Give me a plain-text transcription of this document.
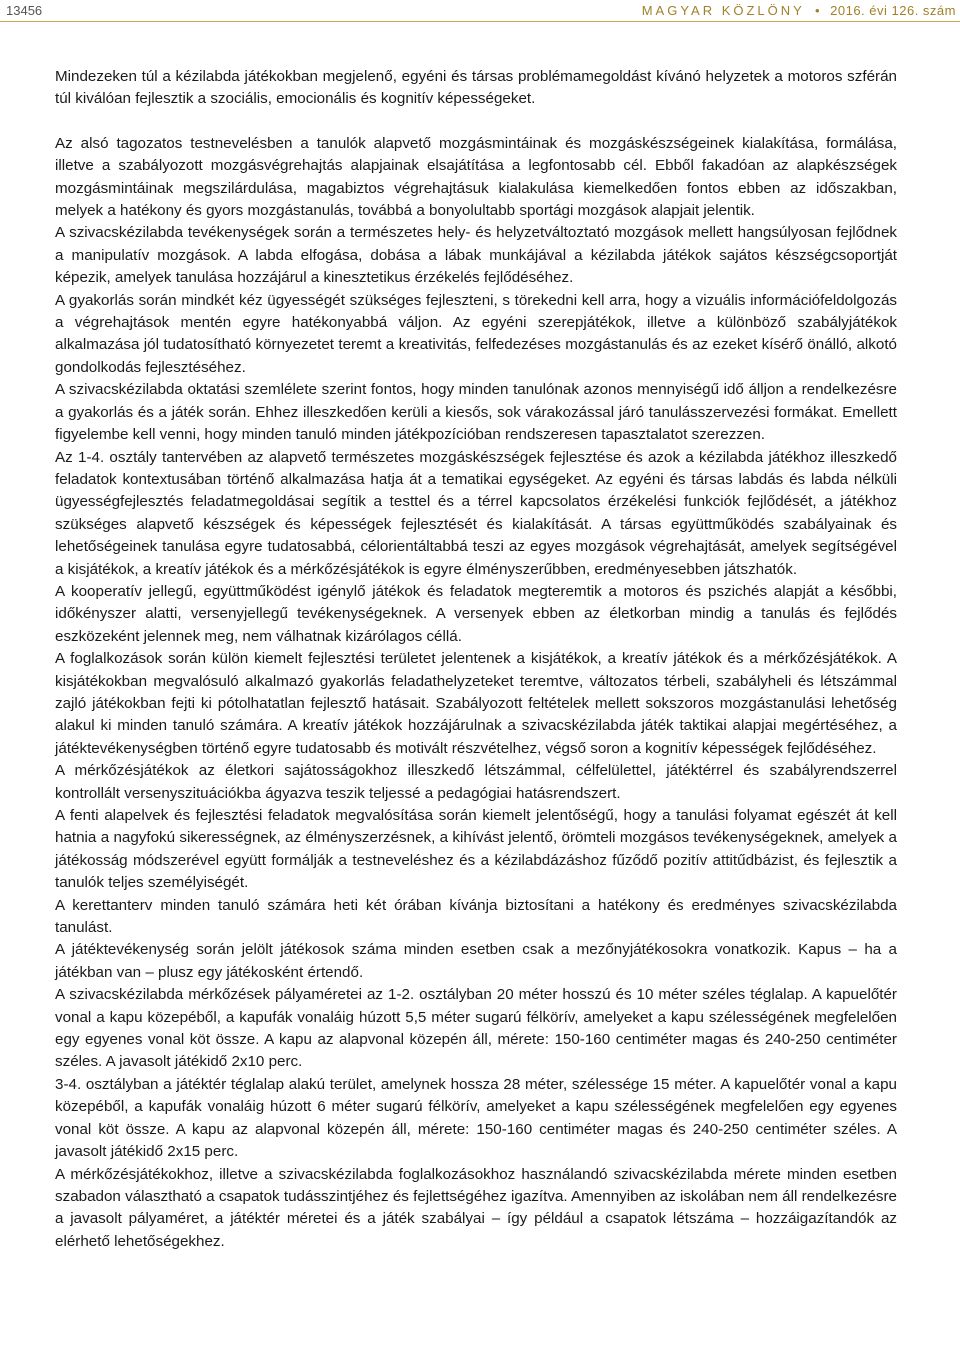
13456	MAGYAR KÖZLÖNY • 2016. évi 126. szám

Mindezeken túl a kézilabda játékokban megjelenő, egyéni és társas problémamegoldást kívánó helyzetek a motoros szférán túl kiválóan fejlesztik a szociális, emocionális és kognitív képességeket.

Az alsó tagozatos testnevelésben a tanulók alapvető mozgásmintáinak és mozgáskészségeinek kialakítása, formálása, illetve a szabályozott mozgásvégrehajtás alapjainak elsajátítása a legfontosabb cél. Ebből fakadóan az alapkészségek mozgásmintáinak megszilárdulása, magabiztos végrehajtásuk kialakulása kiemelkedően fontos ebben az időszakban, melyek a hatékony és gyors mozgástanulás, továbbá a bonyolultabb sportági mozgások alapjait jelentik.

A szivacskézilabda tevékenységek során a természetes hely- és helyzetváltoztató mozgások mellett hangsúlyosan fejlődnek a manipulatív mozgások. A labda elfogása, dobása a lábak munkájával a kézilabda játékok sajátos készségcsoportját képezik, amelyek tanulása hozzájárul a kinesztetikus érzékelés fejlődéséhez.

A gyakorlás során mindkét kéz ügyességét szükséges fejleszteni, s törekedni kell arra, hogy a vizuális információfeldolgozás a végrehajtások mentén egyre hatékonyabbá váljon. Az egyéni szerepjátékok, illetve a különböző szabályjátékok alkalmazása jól tudatosítható környezetet teremt a kreativitás, felfedezéses mozgástanulás és az ezeket kísérő önálló, alkotó gondolkodás fejlesztéséhez.

A szivacskézilabda oktatási szemlélete szerint fontos, hogy minden tanulónak azonos mennyiségű idő álljon a rendelkezésre a gyakorlás és a játék során. Ehhez illeszkedően kerüli a kiesős, sok várakozással járó tanulásszervezési formákat. Emellett figyelembe kell venni, hogy minden tanuló minden játékpozícióban rendszeresen tapasztalatot szerezzen.

Az 1-4. osztály tantervében az alapvető természetes mozgáskészségek fejlesztése és azok a kézilabda játékhoz illeszkedő feladatok kontextusában történő alkalmazása hatja át a tematikai egységeket. Az egyéni és társas labdás és labda nélküli ügyességfejlesztés feladatmegoldásai segítik a testtel és a térrel kapcsolatos érzékelési funkciók fejlődését, a játékhoz szükséges alapvető készségek és képességek fejlesztését és kialakítását. A társas együttműködés szabályainak és lehetőségeinek tanulása egyre tudatosabbá, célorientáltabbá teszi az egyes mozgások végrehajtását, amelyek segítségével a kisjátékok, a kreatív játékok és a mérkőzésjátékok is egyre élményszerűbben, eredményesebben játszhatók.

A kooperatív jellegű, együttműködést igénylő játékok és feladatok megteremtik a motoros és pszichés alapját a későbbi, időkényszer alatti, versenyjellegű tevékenységeknek. A versenyek ebben az életkorban mindig a tanulás és fejlődés eszközeként jelennek meg, nem válhatnak kizárólagos céllá.

A foglalkozások során külön kiemelt fejlesztési területet jelentenek a kisjátékok, a kreatív játékok és a mérkőzésjátékok. A kisjátékokban megvalósuló alkalmazó gyakorlás feladathelyzeteket teremtve, változatos térbeli, szabályheli és létszámmal zajló játékokban fejti ki pótolhatatlan fejlesztő hatásait. Szabályozott feltételek mellett sokszoros mozgástanulási lehetőség alakul ki minden tanuló számára. A kreatív játékok hozzájárulnak a szivacskézilabda játék taktikai alapjai megértéséhez, a játéktevékenységben történő egyre tudatosabb és motivált részvételhez, végső soron a kognitív képességek fejlődéséhez.

A mérkőzésjátékok az életkori sajátosságokhoz illeszkedő létszámmal, célfelülettel, játéktérrel és szabályrendszerrel kontrollált versenyszituációkba ágyazva teszik teljessé a pedagógiai hatásrendszert.

A fenti alapelvek és fejlesztési feladatok megvalósítása során kiemelt jelentőségű, hogy a tanulási folyamat egészét át kell hatnia a nagyfokú sikerességnek, az élményszerzésnek, a kihívást jelentő, örömteli mozgásos tevékenységeknek, amelyek a játékosság módszerével együtt formálják a testneveléshez és a kézilabdázáshoz fűződő pozitív attitűdbázist, és fejlesztik a tanulók teljes személyiségét.

A kerettanterv minden tanuló számára heti két órában kívánja biztosítani a hatékony és eredményes szivacskézilabda tanulást.

A játéktevékenység során jelölt játékosok száma minden esetben csak a mezőnyjátékosokra vonatkozik. Kapus – ha a játékban van – plusz egy játékosként értendő.

A szivacskézilabda mérkőzések pályaméretei az 1-2. osztályban 20 méter hosszú és 10 méter széles téglalap. A kapuelőtér vonal a kapu közepéből, a kapufák vonaláig húzott 5,5 méter sugarú félkörív, amelyeket a kapu szélességének megfelelően egy egyenes vonal köt össze. A kapu az alapvonal közepén áll, mérete: 150-160 centiméter magas és 240-250 centiméter széles. A javasolt játékidő 2x10 perc.

3-4. osztályban a játéktér téglalap alakú terület, amelynek hossza 28 méter, szélessége 15 méter. A kapuelőtér vonal a kapu közepéből, a kapufák vonaláig húzott 6 méter sugarú félkörív, amelyeket a kapu szélességének megfelelően egy egyenes vonal köt össze. A kapu az alapvonal közepén áll, mérete: 150-160 centiméter magas és 240-250 centiméter széles. A javasolt játékidő 2x15 perc.

A mérkőzésjátékokhoz, illetve a szivacskézilabda foglalkozásokhoz használandó szivacskézilabda mérete minden esetben szabadon választható a csapatok tudásszintjéhez és fejlettségéhez igazítva. Amennyiben az iskolában nem áll rendelkezésre a javasolt pályaméret, a játéktér méretei és a játék szabályai – így például a csapatok létszáma – hozzáigazítandók az elérhető lehetőségekhez.
